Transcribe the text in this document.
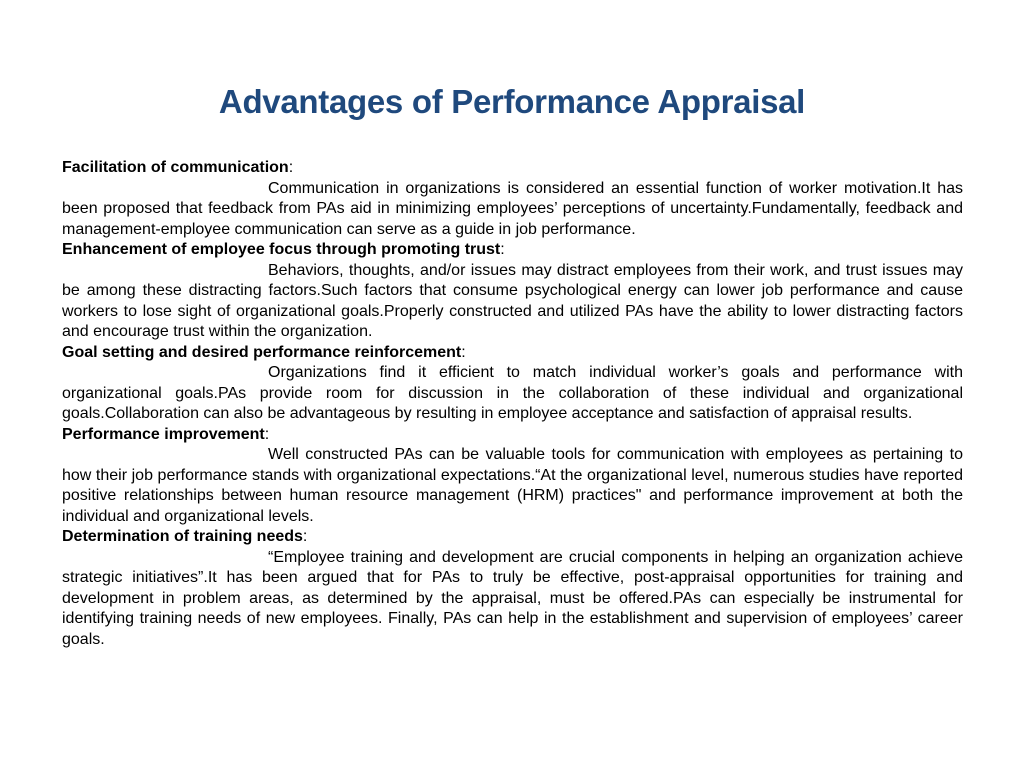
Advantages of Performance Appraisal

Facilitation of communication:

Communication in organizations is considered an essential function of worker motivation.It has been proposed that feedback from PAs aid in minimizing employees’ perceptions of uncertainty.Fundamentally, feedback and management-employee communication can serve as a guide in job performance.

Enhancement of employee focus through promoting trust:

Behaviors, thoughts, and/or issues may distract employees from their work, and trust issues may be among these distracting factors.Such factors that consume psychological energy can lower job performance and cause workers to lose sight of organizational goals.Properly constructed and utilized PAs have the ability to lower distracting factors and encourage trust within the organization.

Goal setting and desired performance reinforcement:

Organizations find it efficient to match individual worker’s goals and performance with organizational goals.PAs provide room for discussion in the collaboration of these individual and organizational goals.Collaboration can also be advantageous by resulting in employee acceptance and satisfaction of appraisal results.

Performance improvement:

Well constructed PAs can be valuable tools for communication with employees as pertaining to how their job performance stands with organizational expectations.“At the organizational level, numerous studies have reported positive relationships between human resource management (HRM) practices" and performance improvement at both the individual and organizational levels.

Determination of training needs:

“Employee training and development are crucial components in helping an organization achieve strategic initiatives”.It has been argued that for PAs to truly be effective, post-appraisal opportunities for training and development in problem areas, as determined by the appraisal, must be offered.PAs can especially be instrumental for identifying training needs of new employees. Finally, PAs can help in the establishment and supervision of employees’ career goals.
